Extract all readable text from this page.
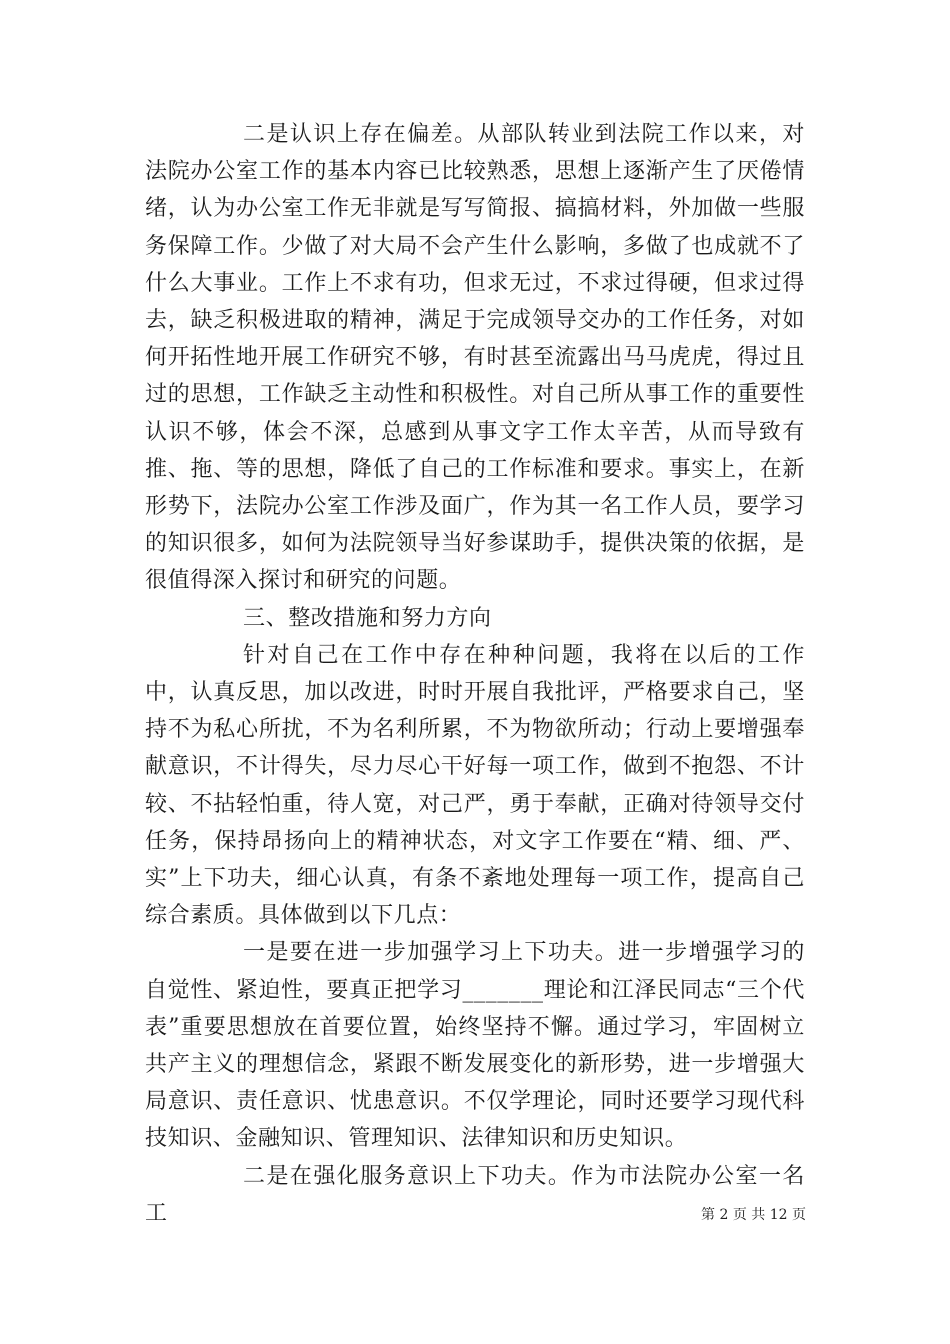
二是认识上存在偏差。从部队转业到法院工作以来，对法院办公室工作的基本内容已比较熟悉，思想上逐渐产生了厌倦情绪，认为办公室工作无非就是写写简报、搞搞材料，外加做一些服务保障工作。少做了对大局不会产生什么影响，多做了也成就不了什么大事业。工作上不求有功，但求无过，不求过得硬，但求过得去，缺乏积极进取的精神，满足于完成领导交办的工作任务，对如何开拓性地开展工作研究不够，有时甚至流露出马马虎虎，得过且过的思想，工作缺乏主动性和积极性。对自己所从事工作的重要性认识不够，体会不深，总感到从事文字工作太辛苦，从而导致有推、拖、等的思想，降低了自己的工作标准和要求。事实上，在新形势下，法院办公室工作涉及面广，作为其一名工作人员，要学习的知识很多，如何为法院领导当好参谋助手，提供决策的依据，是很值得深入探讨和研究的问题。

三、整改措施和努力方向

针对自己在工作中存在种种问题，我将在以后的工作中，认真反思，加以改进，时时开展自我批评，严格要求自己，坚持不为私心所扰，不为名利所累，不为物欲所动；行动上要增强奉献意识，不计得失，尽力尽心干好每一项工作，做到不抱怨、不计较、不拈轻怕重，待人宽，对己严，勇于奉献，正确对待领导交付任务，保持昂扬向上的精神状态，对文字工作要在“精、细、严、实”上下功夫，细心认真，有条不紊地处理每一项工作，提高自己综合素质。具体做到以下几点：

一是要在进一步加强学习上下功夫。进一步增强学习的自觉性、紧迫性，要真正把学习_______理论和江泽民同志“三个代表”重要思想放在首要位置，始终坚持不懈。通过学习，牢固树立共产主义的理想信念，紧跟不断发展变化的新形势，进一步增强大局意识、责任意识、忧患意识。不仅学理论，同时还要学习现代科技知识、金融知识、管理知识、法律知识和历史知识。

二是在强化服务意识上下功夫。作为市法院办公室一名工	第 2 页 共 12 页
